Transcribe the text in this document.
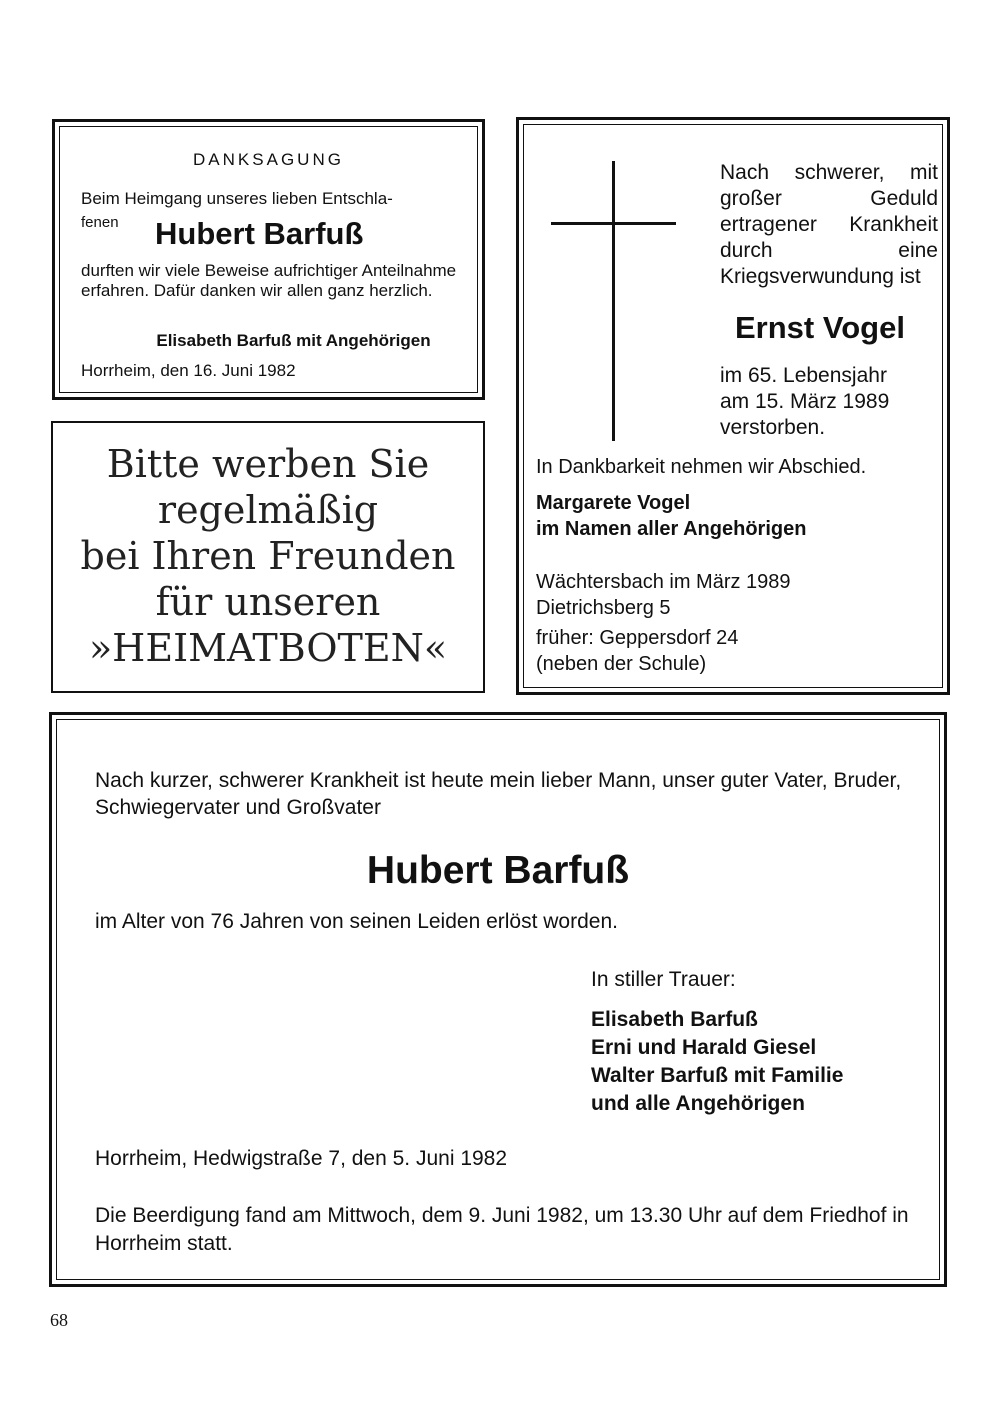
DANKSAGUNG
Beim Heimgang unseres lieben Entschla-
fenen Hubert Barfuß
durften wir viele Beweise aufrichtiger Anteilnahme erfahren. Dafür danken wir allen ganz herzlich.
Elisabeth Barfuß mit Angehörigen
Horrheim, den 16. Juni 1982
Bitte werben Sie
regelmäßig
bei Ihren Freunden
für unseren
»HEIMATBOTEN«
Nach schwerer, mit großer Geduld ertragener Krankheit durch eine Kriegsverwundung ist
Ernst Vogel
im 65. Lebensjahr
am 15. März 1989
verstorben.
In Dankbarkeit nehmen wir Abschied.
Margarete Vogel
im Namen aller Angehörigen
Wächtersbach im März 1989
Dietrichsberg 5
früher: Geppersdorf 24
(neben der Schule)
Nach kurzer, schwerer Krankheit ist heute mein lieber Mann, unser guter Vater, Bruder, Schwiegervater und Großvater
Hubert Barfuß
im Alter von 76 Jahren von seinen Leiden erlöst worden.
In stiller Trauer:
Elisabeth Barfuß
Erni und Harald Giesel
Walter Barfuß mit Familie
und alle Angehörigen
Horrheim, Hedwigstraße 7, den 5. Juni 1982
Die Beerdigung fand am Mittwoch, dem 9. Juni 1982, um 13.30 Uhr auf dem Friedhof in Horrheim statt.
68
